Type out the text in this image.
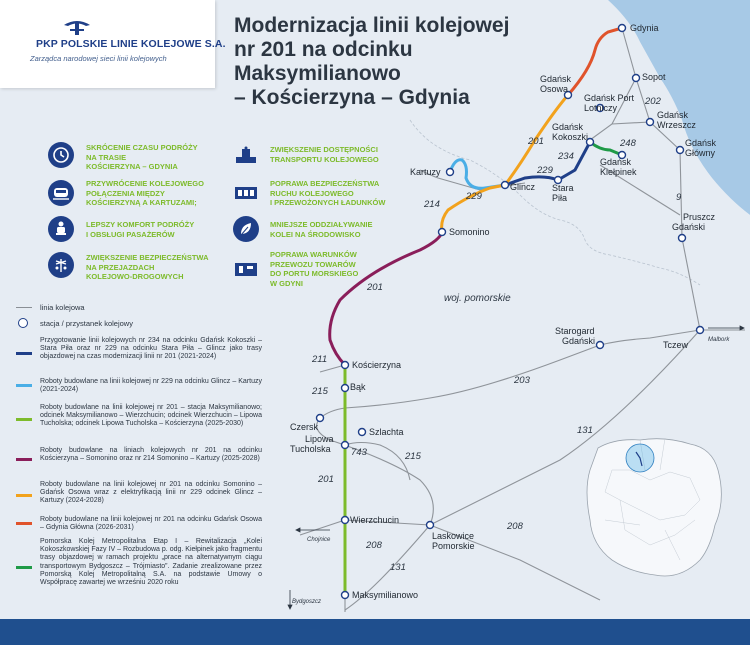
Gdynia
Sopot
Gdańsk Osowa
Gdańsk Port Lotniczy
Gdańsk Wrzeszcz
Gdańsk Kokoszki
Gdańsk Główny
Gdańsk Kiełpinek
Kartuzy
Glincz Stara Piła
Somonino
Pruszcz Gdański
Starogard Gdański	Tczew
Kościerzyna
Bąk
Czersk	Szlachta
Lipowa Tucholska
Wierzchucin
Laskowice Pomorskie
Maksymilianowo
202
201
234
248
229
229
214
9
201
211
203
215
215
743
131
201
208
208
131
woj. pomorskie
Malbork
Chojnice
Bydgoszcz
PKP POLSKIE LINIE KOLEJOWE S.A.
Zarządca narodowej sieci linii kolejowych
Modernizacja linii kolejowej
nr 201 na odcinku
Maksymilianowo
– Kościerzyna – Gdynia
SKRÓCENIE CZASU PODRÓŻY
NA TRASIE
KOŚCIERZYNA – GDYNIA
PRZYWRÓCENIE KOLEJOWEGO
POŁĄCZENIA MIĘDZY
KOŚCIERZYNĄ A KARTUZAMI;
LEPSZY KOMFORT PODRÓŻY
I OBSŁUGI PASAŻERÓW
ZWIĘKSZENIE BEZPIECZEŃSTWA
NA PRZEJAZDACH
KOLEJOWO-DROGOWYCH
ZWIĘKSZENIE DOSTĘPNOŚCI
TRANSPORTU KOLEJOWEGO
POPRAWA BEZPIECZEŃSTWA
RUCHU KOLEJOWEGO
I PRZEWOŻONYCH ŁADUNKÓW
MNIEJSZE ODDZIAŁYWANIE
KOLEI NA ŚRODOWISKO
POPRAWA WARUNKÓW
PRZEWOZU TOWARÓW
DO PORTU MORSKIEGO
W GDYNI
linia kolejowa
stacja / przystanek kolejowy
Przygotowanie linii kolejowych nr 234 na odcinku Gdańsk Kokoszki – Stara Piła oraz nr 229 na odcinku Stara Piła – Glincz jako trasy objazdowej na czas modernizacji linii nr 201 (2021-2024)
Roboty budowlane na linii kolejowej nr 229 na odcinku Glincz – Kartuzy (2021-2024)
Roboty budowlane na linii kolejowej nr 201 – stacja Maksymilianowo; odcinek Maksymilianowo – Wierzchucin; odcinek Wierzchucin – Lipowa Tucholska; odcinek Lipowa Tucholska – Kościerzyna (2025-2030)
Roboty budowlane na liniach kolejowych nr 201 na odcinku Kościerzyna – Somonino oraz nr 214 Somonino – Kartuzy (2025-2028)
Roboty budowlane na linii kolejowej nr 201 na odcinku Somonino – Gdańsk Osowa wraz z elektryfikacją linii nr 229 odcinek Glincz – Kartuzy (2024-2028)
Roboty budowlane na linii kolejowej nr 201 na odcinku Gdańsk Osowa – Gdynia Główna (2026-2031)
Pomorska Kolej Metropolitalna Etap I – Rewitalizacja „Kolei Kokoszkowskiej Fazy IV – Rozbudowa p. odg. Kiełpinek jako fragmentu trasy objazdowej w ramach projektu „prace na alternatywnym ciągu transportowym Bydgoszcz – Trójmiasto”. Zadanie zrealizowane przez Pomorską Kolej Metropolitalną S.A. na podstawie Umowy o Współpracę zawartej we wrześniu 2020 roku
